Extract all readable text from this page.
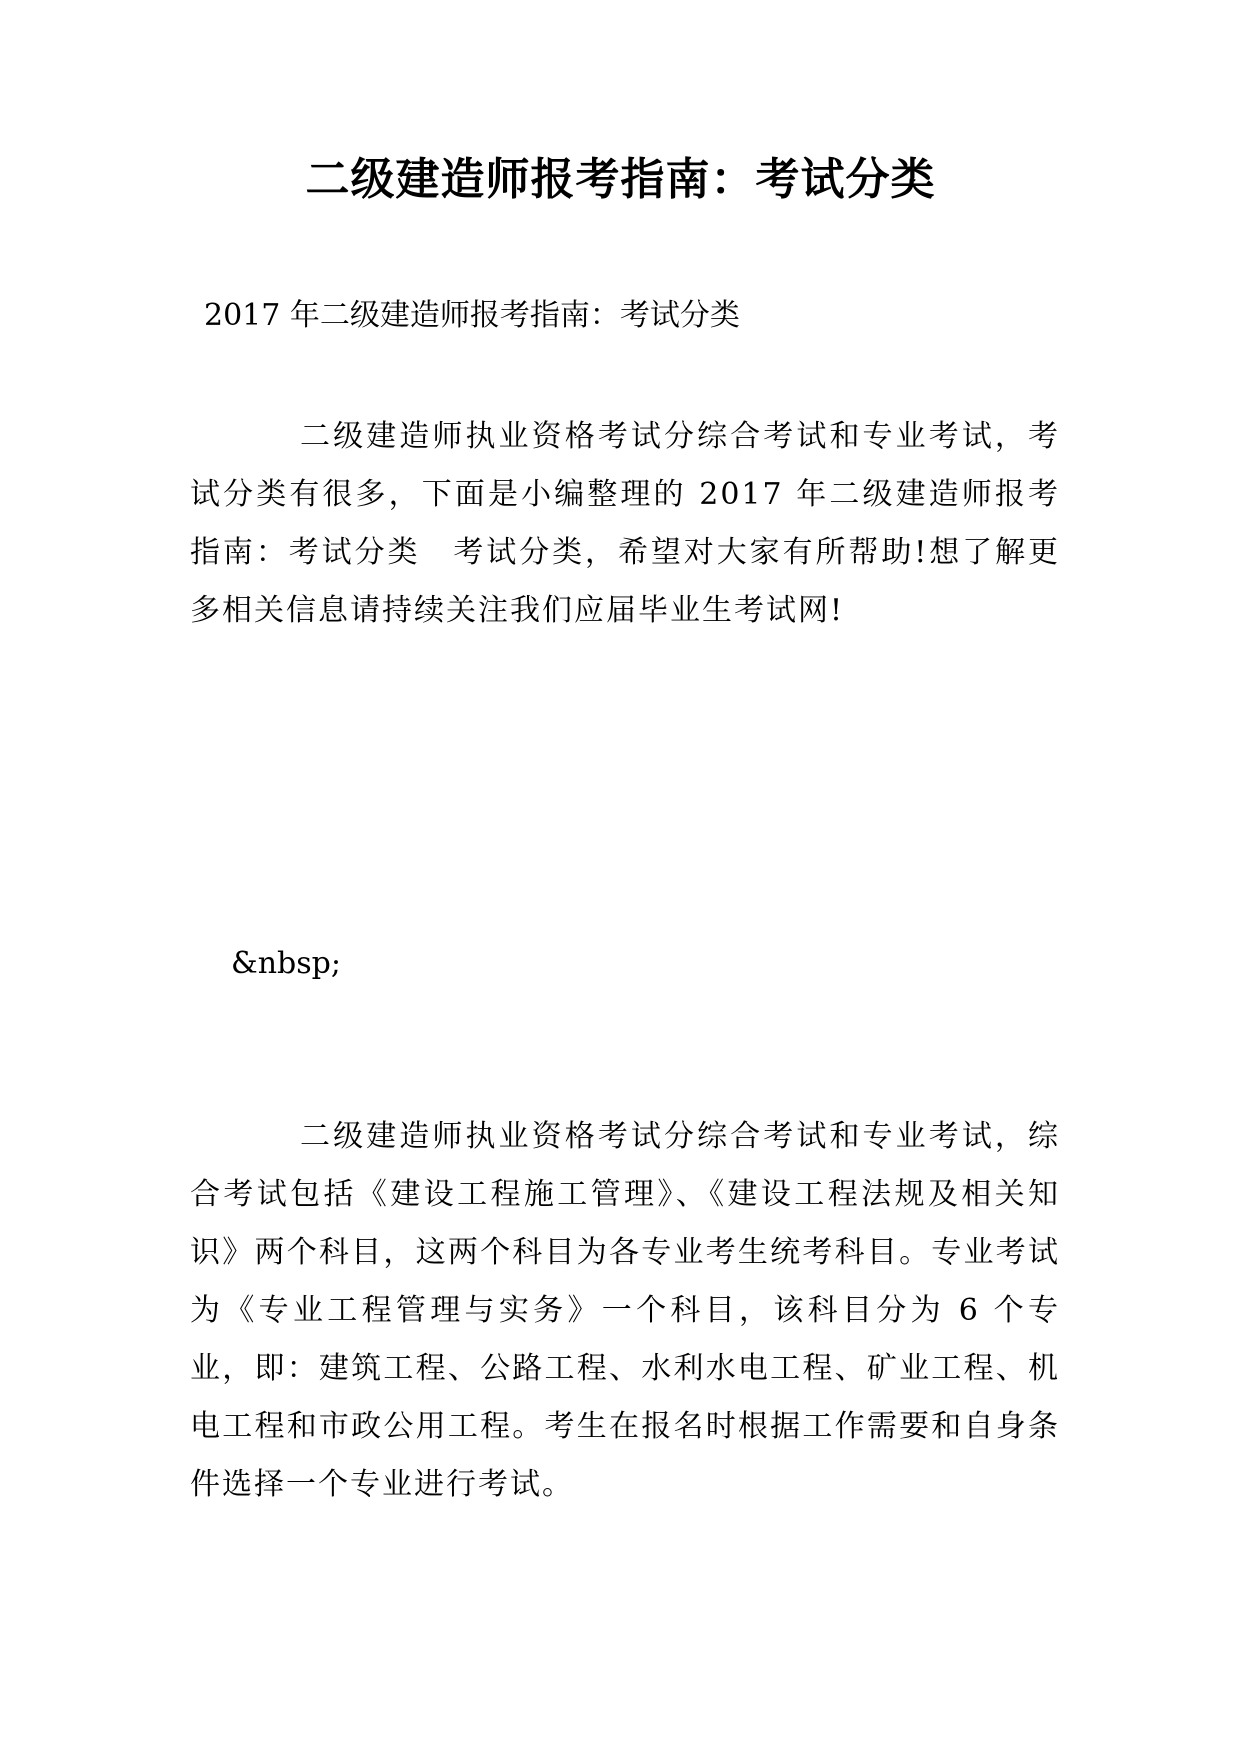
二级建造师报考指南：考试分类

2017 年二级建造师报考指南：考试分类

二级建造师执业资格考试分综合考试和专业考试，考试分类有很多，下面是小编整理的 2017 年二级建造师报考指南：考试分类　考试分类，希望对大家有所帮助!想了解更多相关信息请持续关注我们应届毕业生考试网!

&nbsp;

二级建造师执业资格考试分综合考试和专业考试，综合考试包括《建设工程施工管理》、《建设工程法规及相关知识》两个科目，这两个科目为各专业考生统考科目。专业考试为《专业工程管理与实务》一个科目，该科目分为 6 个专业，即：建筑工程、公路工程、水利水电工程、矿业工程、机电工程和市政公用工程。考生在报名时根据工作需要和自身条件选择一个专业进行考试。
